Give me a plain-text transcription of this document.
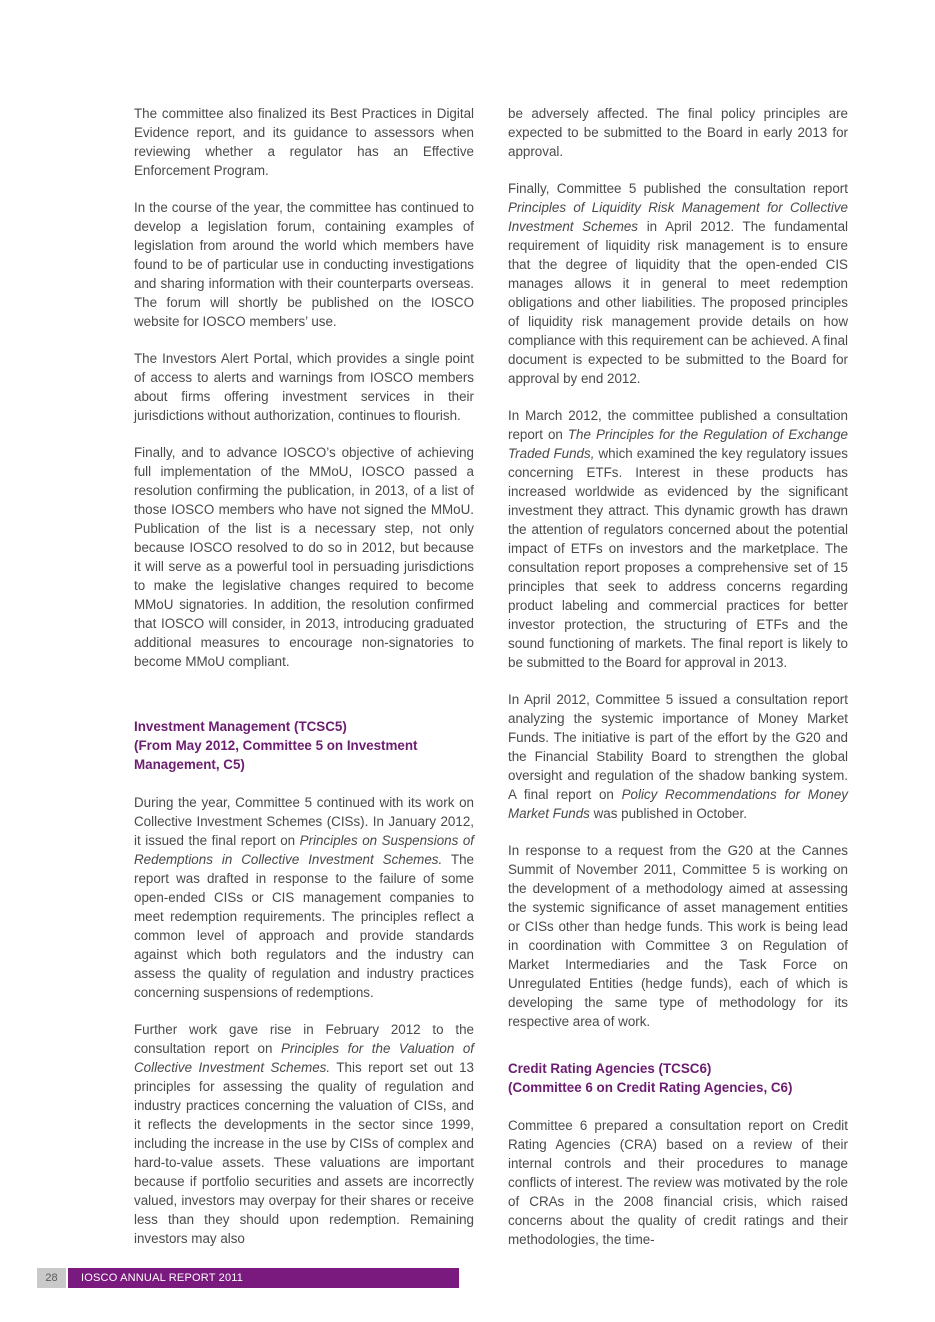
The committee also finalized its Best Practices in Digital Evidence report, and its guidance to assessors when reviewing whether a regulator has an Effective Enforcement Program.

In the course of the year, the committee has continued to develop a legislation forum, containing examples of legislation from around the world which members have found to be of particular use in conducting investigations and sharing information with their counterparts overseas. The forum will shortly be published on the IOSCO website for IOSCO members’ use.

The Investors Alert Portal, which provides a single point of access to alerts and warnings from IOSCO members about firms offering investment services in their jurisdictions without authorization, continues to flourish.

Finally, and to advance IOSCO’s objective of achieving full implementation of the MMoU, IOSCO passed a resolution confirming the publication, in 2013, of a list of those IOSCO members who have not signed the MMoU. Publication of the list is a necessary step, not only because IOSCO resolved to do so in 2012, but because it will serve as a powerful tool in persuading jurisdictions to make the legislative changes required to become MMoU signatories. In addition, the resolution confirmed that IOSCO will consider, in 2013, introducing graduated additional measures to encourage non-signatories to become MMoU compliant.

Investment Management (TCSC5)
(From May 2012, Committee 5 on Investment Management, C5)

During the year, Committee 5 continued with its work on Collective Investment Schemes (CISs). In January 2012, it issued the final report on Principles on Suspensions of Redemptions in Collective Investment Schemes. The report was drafted in response to the failure of some open-ended CISs or CIS management companies to meet redemption requirements. The principles reflect a common level of approach and provide standards against which both regulators and the industry can assess the quality of regulation and industry practices concerning suspensions of redemptions.

Further work gave rise in February 2012 to the consultation report on Principles for the Valuation of Collective Investment Schemes. This report set out 13 principles for assessing the quality of regulation and industry practices concerning the valuation of CISs, and it reflects the developments in the sector since 1999, including the increase in the use by CISs of complex and hard-to-value assets. These valuations are important because if portfolio securities and assets are incorrectly valued, investors may overpay for their shares or receive less than they should upon redemption. Remaining investors may also

be adversely affected. The final policy principles are expected to be submitted to the Board in early 2013 for approval.

Finally, Committee 5 published the consultation report Principles of Liquidity Risk Management for Collective Investment Schemes in April 2012. The fundamental requirement of liquidity risk management is to ensure that the degree of liquidity that the open-ended CIS manages allows it in general to meet redemption obligations and other liabilities. The proposed principles of liquidity risk management provide details on how compliance with this requirement can be achieved. A final document is expected to be submitted to the Board for approval by end 2012.

In March 2012, the committee published a consultation report on The Principles for the Regulation of Exchange Traded Funds, which examined the key regulatory issues concerning ETFs. Interest in these products has increased worldwide as evidenced by the significant investment they attract. This dynamic growth has drawn the attention of regulators concerned about the potential impact of ETFs on investors and the marketplace. The consultation report proposes a comprehensive set of 15 principles that seek to address concerns regarding product labeling and commercial practices for better investor protection, the structuring of ETFs and the sound functioning of markets. The final report is likely to be submitted to the Board for approval in 2013.

In April 2012, Committee 5 issued a consultation report analyzing the systemic importance of Money Market Funds. The initiative is part of the effort by the G20 and the Financial Stability Board to strengthen the global oversight and regulation of the shadow banking system. A final report on Policy Recommendations for Money Market Funds was published in October.

In response to a request from the G20 at the Cannes Summit of November 2011, Committee 5 is working on the development of a methodology aimed at assessing the systemic significance of asset management entities or CISs other than hedge funds. This work is being lead in coordination with Committee 3 on Regulation of Market Intermediaries and the Task Force on Unregulated Entities (hedge funds), each of which is developing the same type of methodology for its respective area of work.

Credit Rating Agencies (TCSC6)
(Committee 6 on Credit Rating Agencies, C6)

Committee 6 prepared a consultation report on Credit Rating Agencies (CRA) based on a review of their internal controls and their procedures to manage conflicts of interest. The review was motivated by the role of CRAs in the 2008 financial crisis, which raised concerns about the quality of credit ratings and their methodologies, the time-

28	IOSCO ANNUAL REPORT 2011
